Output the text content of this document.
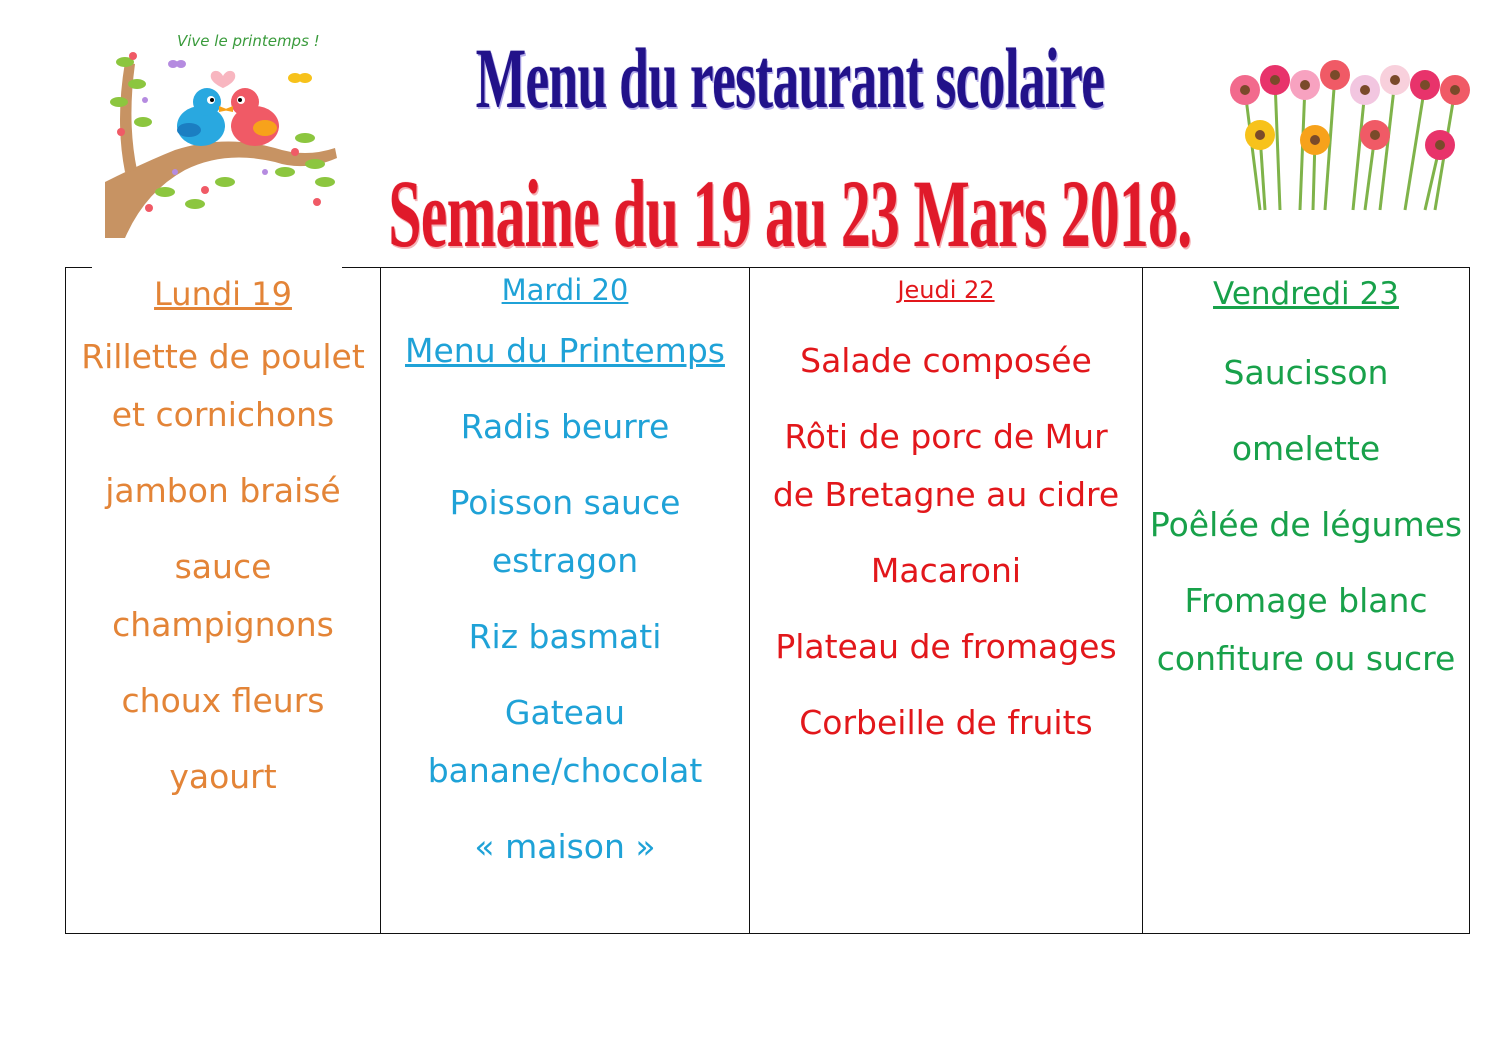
Menu du restaurant scolaire
Semaine du 19 au 23 Mars 2018.
Vive le printemps !
Lundi 19
Rillette de poulet
et cornichons
jambon braisé
sauce
champignons
choux fleurs
yaourt
Mardi 20
Menu du Printemps
Radis beurre
Poisson sauce
estragon
Riz basmati
Gateau
banane/chocolat
« maison »
Jeudi 22
Salade composée
Rôti de porc de Mur
de Bretagne au cidre
Macaroni
Plateau de fromages
Corbeille de fruits
Vendredi 23
Saucisson
omelette
Poêlée de légumes
Fromage blanc
confiture ou sucre
